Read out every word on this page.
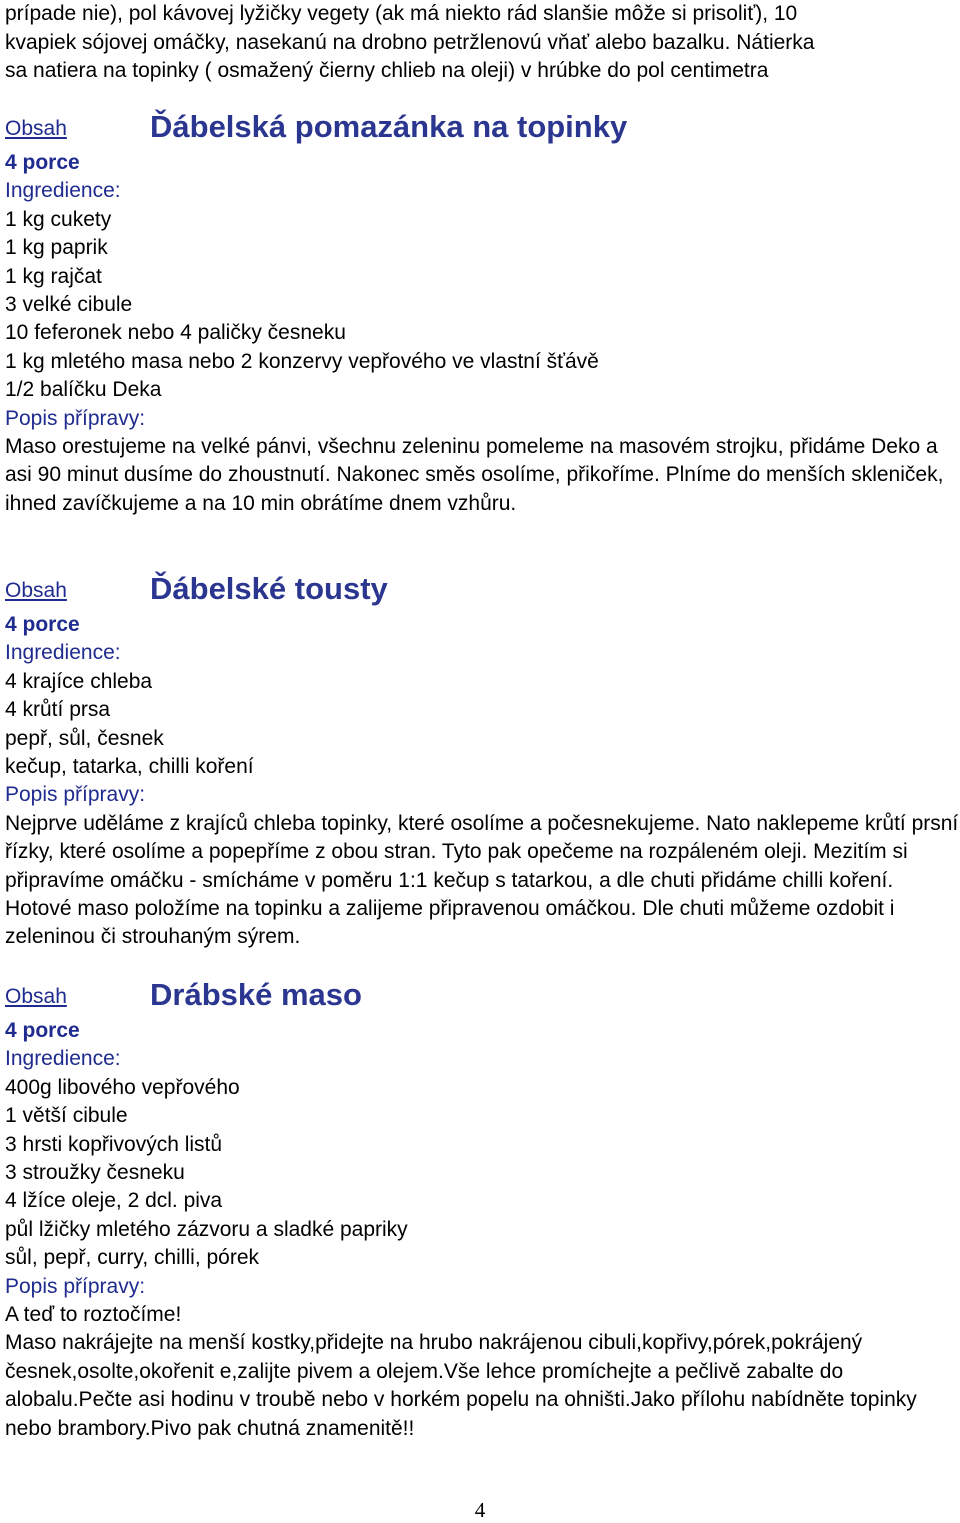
prípade nie), pol kávovej lyžičky vegety (ak má niekto rád slanšie môže si prisoliť), 10
kvapiek sójovej omáčky, nasekanú na drobno petržlenovú vňať alebo bazalku. Nátierka
sa natiera na topinky ( osmažený čierny chlieb na oleji) v hrúbke do pol centimetra
Obsah	Ďábelská pomazánka na topinky
4 porce
Ingredience:
1 kg cukety
1 kg paprik
1 kg rajčat
3 velké cibule
10 feferonek nebo 4 paličky česneku
1 kg mletého masa nebo 2 konzervy vepřového ve vlastní šťávě
1/2 balíčku Deka
Popis přípravy:
Maso orestujeme na velké pánvi, všechnu zeleninu pomeleme na masovém strojku, přidáme Deko a asi 90 minut dusíme do zhoustnutí. Nakonec směs osolíme, přikoříme. Plníme do menších skleniček, ihned zavíčkujeme a na 10 min obrátíme dnem vzhůru.
Obsah	Ďábelské tousty
4 porce
Ingredience:
4 krajíce chleba
4 krůtí prsa
pepř, sůl, česnek
kečup, tatarka, chilli koření
Popis přípravy:
Nejprve uděláme z krajíců chleba topinky, které osolíme a počesnekujeme. Nato naklepeme krůtí prsní řízky, které osolíme a popepříme z obou stran. Tyto pak opečeme na rozpáleném oleji. Mezitím si připravíme omáčku - smícháme v poměru 1:1 kečup s tatarkou, a dle chuti přidáme chilli koření. Hotové maso položíme na topinku a zalijeme připravenou omáčkou. Dle chuti můžeme ozdobit i zeleninou či strouhaným sýrem.
Obsah	Drábské maso
4 porce
Ingredience:
400g libového vepřového
1 větší cibule
3 hrsti kopřivových listů
3 stroužky česneku
4 lžíce oleje, 2 dcl. piva
půl lžičky mletého zázvoru a sladké papriky
sůl, pepř, curry, chilli, pórek
Popis přípravy:
A teď to roztočíme!
Maso nakrájejte na menší kostky,přidejte na hrubo nakrájenou cibuli,kopřivy,pórek,pokrájený česnek,osolte,okořenit e,zalijte pivem a olejem.Vše lehce promíchejte a pečlivě zabalte do alobalu.Pečte asi hodinu v troubě nebo v horkém popelu na ohništi.Jako přílohu nabídněte topinky nebo brambory.Pivo pak chutná znamenitě!!
4
